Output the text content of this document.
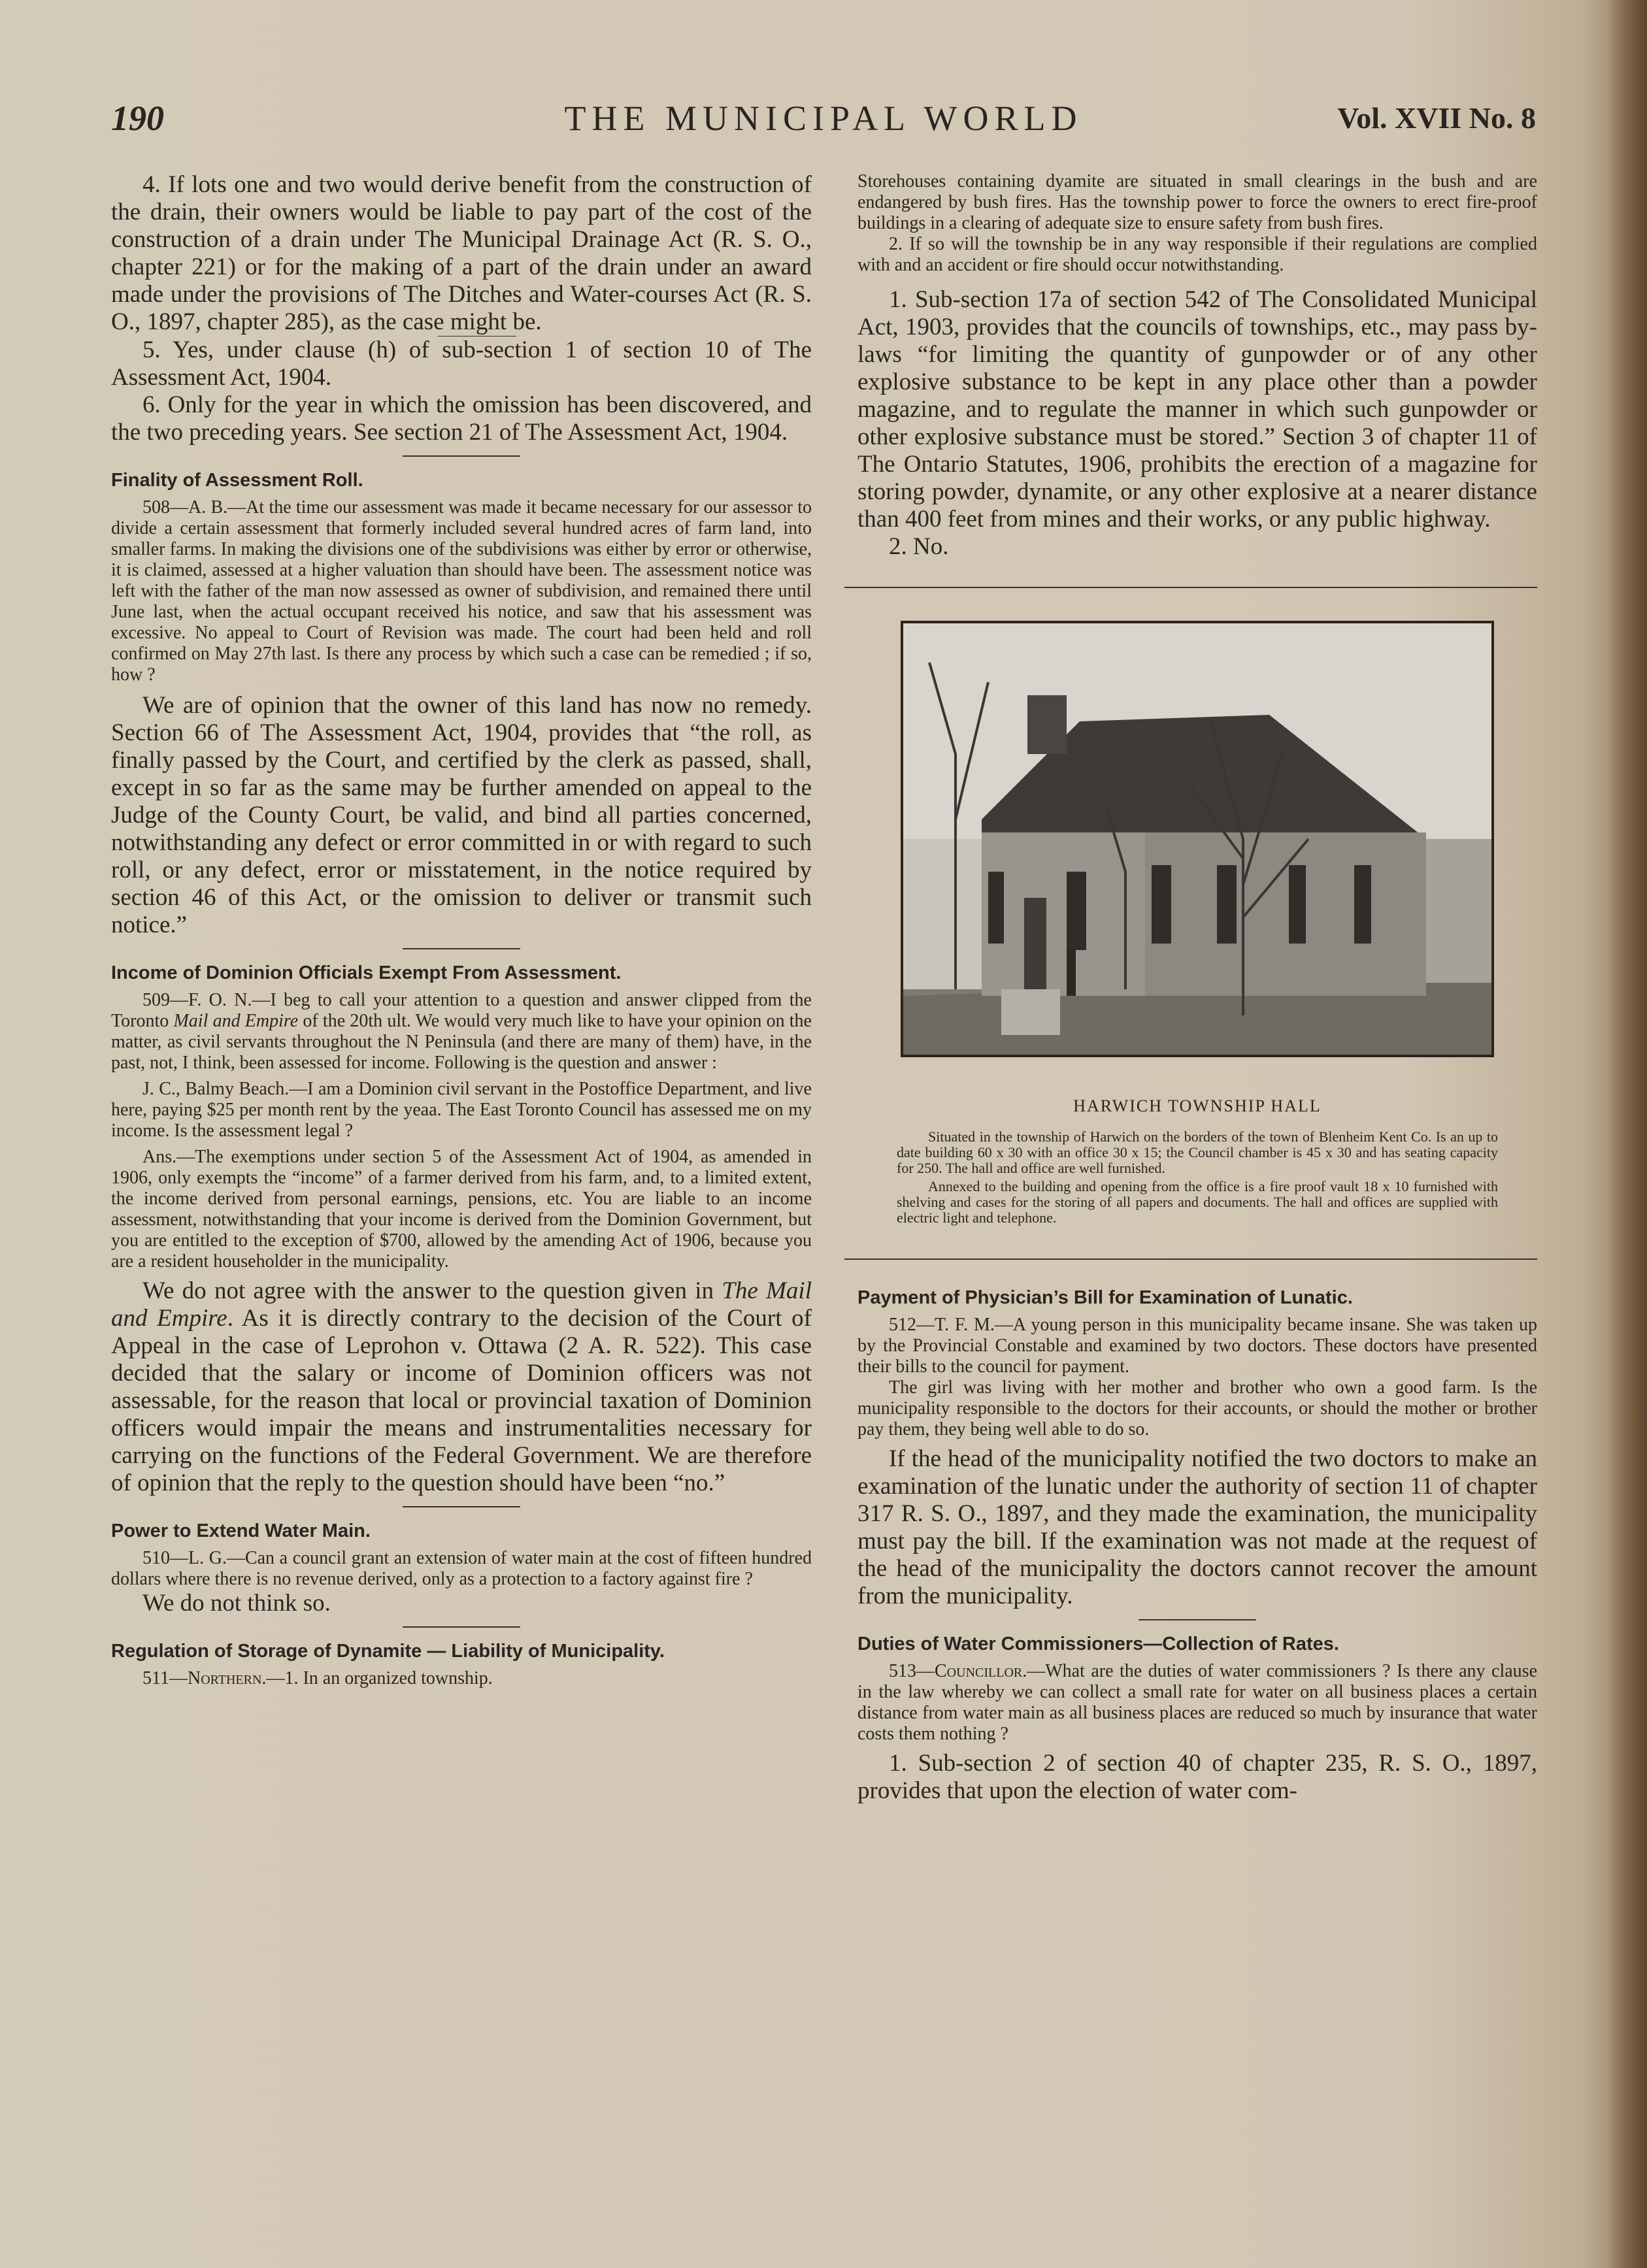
THE MUNICIPAL WORLD
190	Vol. XVII No. 8

4. If lots one and two would derive benefit from the construction of the drain, their owners would be liable to pay part of the cost of the construction of a drain under The Municipal Drainage Act (R. S. O., chapter 221) or for the making of a part of the drain under an award made under the provisions of The Ditches and Water-courses Act (R. S. O., 1897, chapter 285), as the case might be.

5. Yes, under clause (h) of sub-section 1 of section 10 of The Assessment Act, 1904.

6. Only for the year in which the omission has been discovered, and the two preceding years. See section 21 of The Assessment Act, 1904.

Finality of Assessment Roll.

508—A. B.—At the time our assessment was made it became necessary for our assessor to divide a certain assessment that formerly included several hundred acres of farm land, into smaller farms. In making the divisions one of the subdivisions was either by error or otherwise, it is claimed, assessed at a higher valuation than should have been. The assessment notice was left with the father of the man now assessed as owner of subdivision, and remained there until June last, when the actual occupant received his notice, and saw that his assessment was excessive. No appeal to Court of Revision was made. The court had been held and roll confirmed on May 27th last. Is there any process by which such a case can be remedied ; if so, how ?

We are of opinion that the owner of this land has now no remedy. Section 66 of The Assessment Act, 1904, provides that “the roll, as finally passed by the Court, and certified by the clerk as passed, shall, except in so far as the same may be further amended on appeal to the Judge of the County Court, be valid, and bind all parties concerned, notwithstanding any defect or error committed in or with regard to such roll, or any defect, error or misstatement, in the notice required by section 46 of this Act, or the omission to deliver or transmit such notice.”

Income of Dominion Officials Exempt From Assessment.

509—F. O. N.—I beg to call your attention to a question and answer clipped from the Toronto Mail and Empire of the 20th ult. We would very much like to have your opinion on the matter, as civil servants throughout the N Peninsula (and there are many of them) have, in the past, not, I think, been assessed for income. Following is the question and answer :

J. C., Balmy Beach.—I am a Dominion civil servant in the Postoffice Department, and live here, paying $25 per month rent by the yeaa. The East Toronto Council has assessed me on my income. Is the assessment legal ?

Ans.—The exemptions under section 5 of the Assessment Act of 1904, as amended in 1906, only exempts the “income” of a farmer derived from his farm, and, to a limited extent, the income derived from personal earnings, pensions, etc. You are liable to an income assessment, notwithstanding that your income is derived from the Dominion Government, but you are entitled to the exception of $700, allowed by the amending Act of 1906, because you are a resident householder in the municipality.

We do not agree with the answer to the question given in The Mail and Empire. As it is directly contrary to the decision of the Court of Appeal in the case of Leprohon v. Ottawa (2 A. R. 522). This case decided that the salary or income of Dominion officers was not assessable, for the reason that local or provincial taxation of Dominion officers would impair the means and instrumentalities necessary for carrying on the functions of the Federal Government. We are therefore of opinion that the reply to the question should have been “no.”

Power to Extend Water Main.

510—L. G.—Can a council grant an extension of water main at the cost of fifteen hundred dollars where there is no revenue derived, only as a protection to a factory against fire ?

We do not think so.

Regulation of Storage of Dynamite — Liability of Municipality.

511—Northern.—1. In an organized township.

Storehouses containing dyamite are situated in small clearings in the bush and are endangered by bush fires. Has the township power to force the owners to erect fire-proof buildings in a clearing of adequate size to ensure safety from bush fires.

2. If so will the township be in any way responsible if their regulations are complied with and an accident or fire should occur notwithstanding.

1. Sub-section 17a of section 542 of The Consolidated Municipal Act, 1903, provides that the councils of townships, etc., may pass by-laws “for limiting the quantity of gunpowder or of any other explosive substance to be kept in any place other than a powder magazine, and to regulate the manner in which such gunpowder or other explosive substance must be stored.” Section 3 of chapter 11 of The Ontario Statutes, 1906, prohibits the erection of a magazine for storing powder, dynamite, or any other explosive at a nearer distance than 400 feet from mines and their works, or any public highway.

2. No.

HARWICH TOWNSHIP HALL

Situated in the township of Harwich on the borders of the town of Blenheim Kent Co. Is an up to date building 60 x 30 with an office 30 x 15; the Council chamber is 45 x 30 and has seating capacity for 250. The hall and office are well furnished.

Annexed to the building and opening from the office is a fire proof vault 18 x 10 furnished with shelving and cases for the storing of all papers and documents. The hall and offices are supplied with electric light and telephone.

Payment of Physician’s Bill for Examination of Lunatic.

512—T. F. M.—A young person in this municipality became insane. She was taken up by the Provincial Constable and examined by two doctors. These doctors have presented their bills to the council for payment.

The girl was living with her mother and brother who own a good farm. Is the municipality responsible to the doctors for their accounts, or should the mother or brother pay them, they being well able to do so.

If the head of the municipality notified the two doctors to make an examination of the lunatic under the authority of section 11 of chapter 317 R. S. O., 1897, and they made the examination, the municipality must pay the bill. If the examination was not made at the request of the head of the municipality the doctors cannot recover the amount from the municipality.

Duties of Water Commissioners—Collection of Rates.

513—Councillor.—What are the duties of water commissioners ? Is there any clause in the law whereby we can collect a small rate for water on all business places a certain distance from water main as all business places are reduced so much by insurance that water costs them nothing ?

1. Sub-section 2 of section 40 of chapter 235, R. S. O., 1897, provides that upon the election of water com-
